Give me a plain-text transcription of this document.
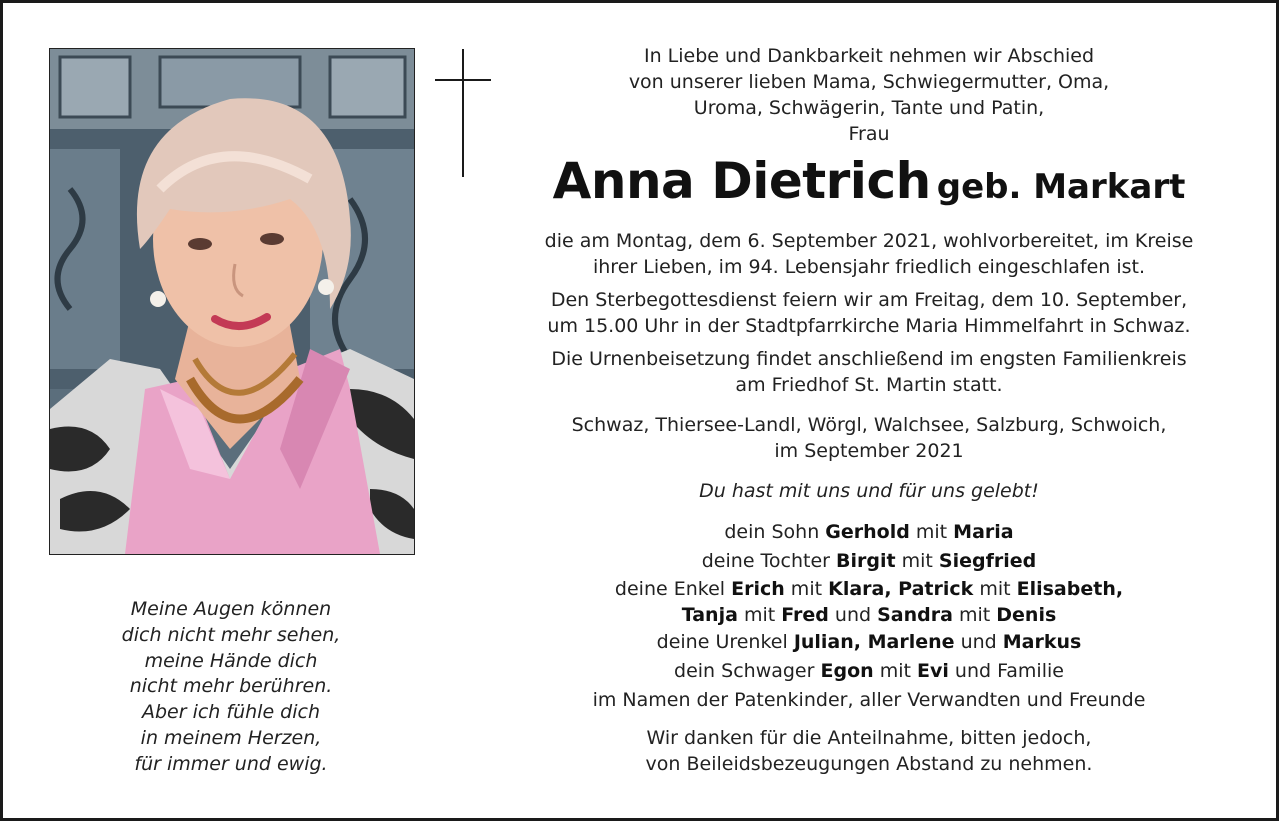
Meine Augen können
dich nicht mehr sehen,
meine Hände dich
nicht mehr berühren.
Aber ich fühle dich
in meinem Herzen,
für immer und ewig.
In Liebe und Dankbarkeit nehmen wir Abschied
von unserer lieben Mama, Schwiegermutter, Oma,
Uroma, Schwägerin, Tante und Patin,
Frau
Anna Dietrich geb. Markart
die am Montag, dem 6. September 2021, wohlvorbereitet, im Kreise
ihrer Lieben, im 94. Lebensjahr friedlich eingeschlafen ist.
Den Sterbegottesdienst feiern wir am Freitag, dem 10. September,
um 15.00 Uhr in der Stadtpfarrkirche Maria Himmelfahrt in Schwaz.
Die Urnenbeisetzung findet anschließend im engsten Familienkreis
am Friedhof St. Martin statt.
Schwaz, Thiersee-Landl, Wörgl, Walchsee, Salzburg, Schwoich,
im September 2021
Du hast mit uns und für uns gelebt!
dein Sohn Gerhold mit Maria
deine Tochter Birgit mit Siegfried
deine Enkel Erich mit Klara, Patrick mit Elisabeth,
Tanja mit Fred und Sandra mit Denis
deine Urenkel Julian, Marlene und Markus
dein Schwager Egon mit Evi und Familie
im Namen der Patenkinder, aller Verwandten und Freunde
Wir danken für die Anteilnahme, bitten jedoch,
von Beileidsbezeugungen Abstand zu nehmen.
